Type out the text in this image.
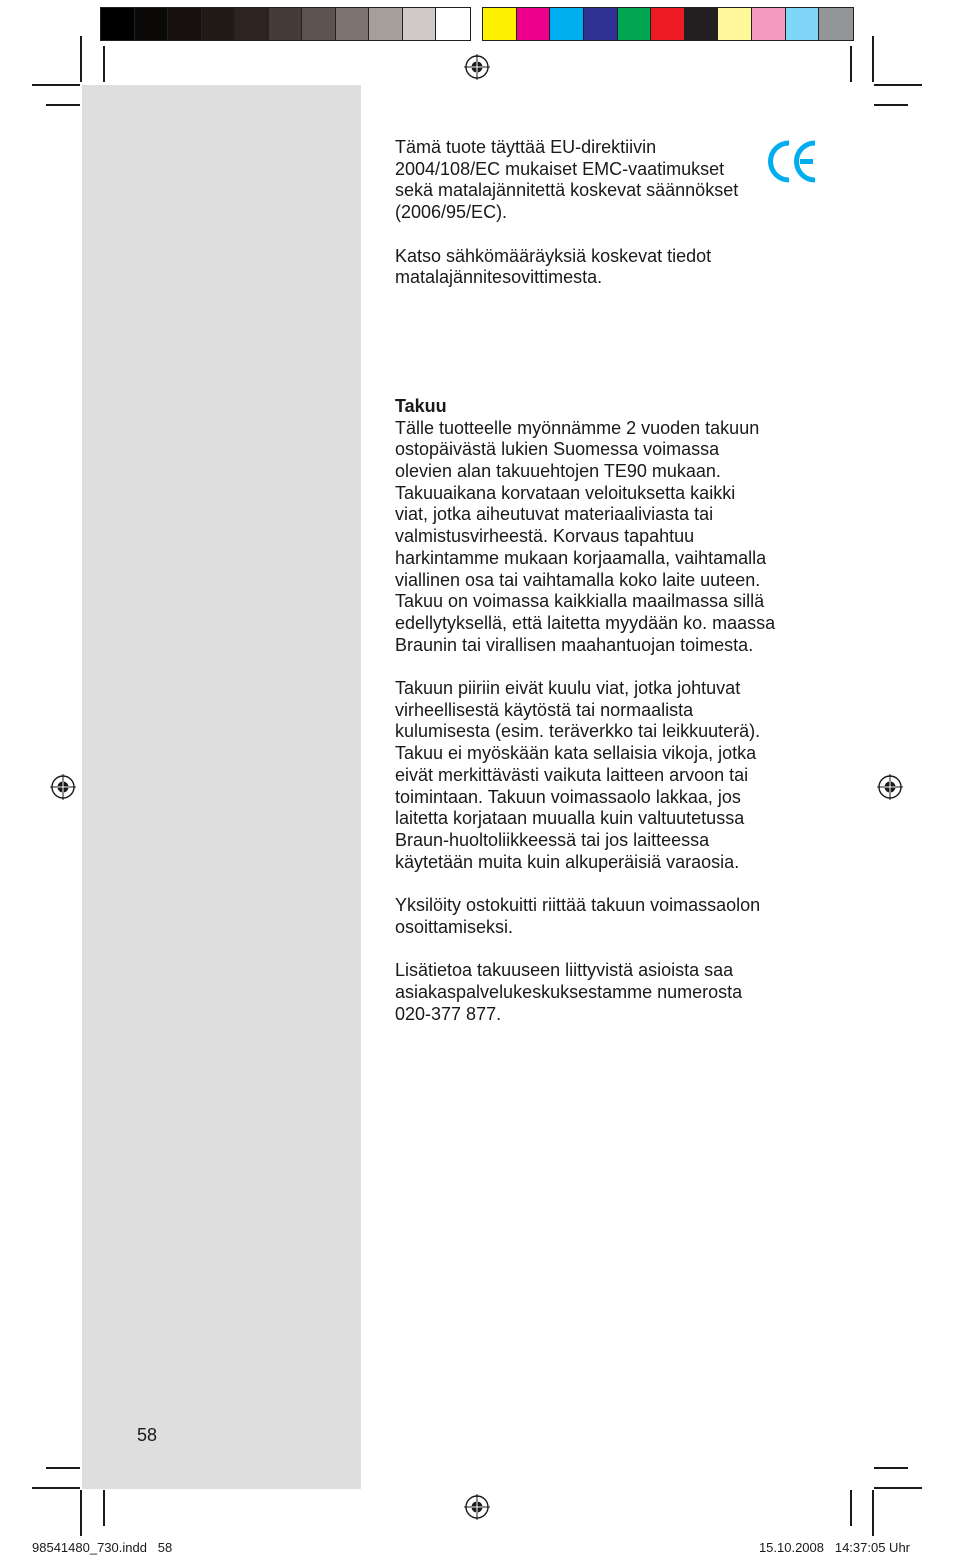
Tämä tuote täyttää EU-direktiivin
2004/108/EC mukaiset EMC-vaatimukset
sekä matalajännitettä koskevat säännökset
(2006/95/EC).

Katso sähkömääräyksiä koskevat tiedot
matalajännitesovittimesta.

Takuu

Tälle tuotteelle myönnämme 2 vuoden takuun
ostopäivästä lukien Suomessa voimassa
olevien alan takuuehtojen TE90 mukaan.
Takuuaikana korvataan veloituksetta kaikki
viat, jotka aiheutuvat materiaaliviasta tai
valmistusvirheestä. Korvaus tapahtuu
harkintamme mukaan korjaamalla, vaihtamalla
viallinen osa tai vaihtamalla koko laite uuteen.
Takuu on voimassa kaikkialla maailmassa sillä
edellytyksellä, että laitetta myydään ko. maassa
Braunin tai virallisen maahantuojan toimesta.

Takuun piiriin eivät kuulu viat, jotka johtuvat
virheellisestä käytöstä tai normaalista
kulumisesta (esim. teräverkko tai leikkuuterä).
Takuu ei myöskään kata sellaisia vikoja, jotka
eivät merkittävästi vaikuta laitteen arvoon tai
toimintaan. Takuun voimassaolo lakkaa, jos
laitetta korjataan muualla kuin valtuutetussa
Braun-huoltoliikkeessä tai jos laitteessa
käytetään muita kuin alkuperäisiä varaosia.

Yksilöity ostokuitti riittää takuun voimassaolon
osoittamiseksi.

Lisätietoa takuuseen liittyvistä asioista saa
asiakaspalvelukeskuksestamme numerosta
020-377 877.

58
98541480_730.indd   58	15.10.2008   14:37:05 Uhr
